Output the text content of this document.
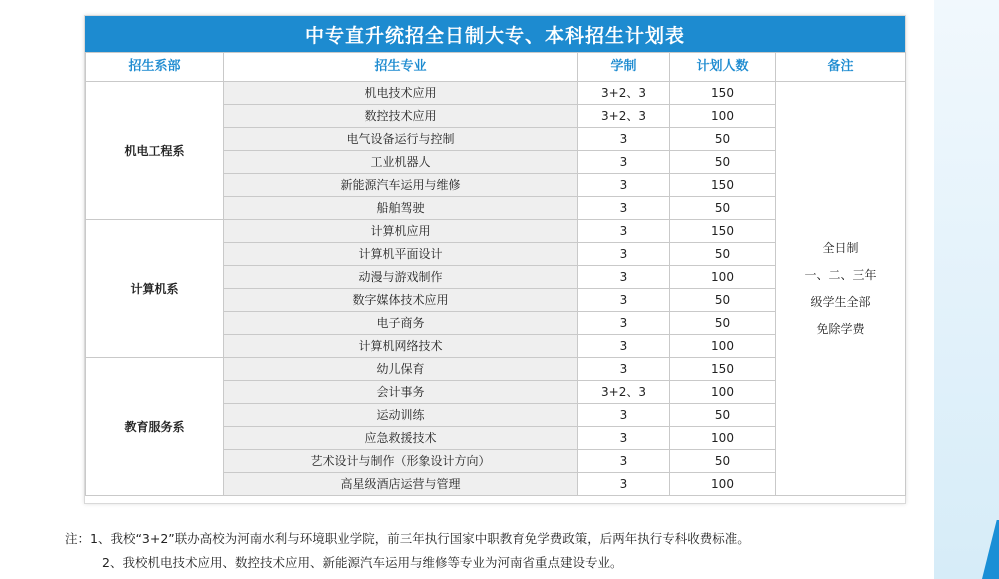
中专直升统招全日制大专、本科招生计划表
招生系部	招生专业	学制	计划人数	备注
机电工程系	机电技术应用	3+2、3	150	全日制
一、二、三年
级学生全部
免除学费

	数控技术应用	3+2、3	100	
	电气设备运行与控制	3	50	
	工业机器人	3	50	
	新能源汽车运用与维修	3	150	
	船舶驾驶	3	50	
计算机系	计算机应用	3	150	
	计算机平面设计	3	50	
	动漫与游戏制作	3	100	
	数字媒体技术应用	3	50	
	电子商务	3	50	
	计算机网络技术	3	100	
教育服务系	幼儿保育	3	150	
	会计事务	3+2、3	100	
	运动训练	3	50	
	应急救援技术	3	100	
	艺术设计与制作（形象设计方向）	3	50	
	高星级酒店运营与管理	3	100	
注：1、我校“3+2”联办高校为河南水利与环境职业学院，前三年执行国家中职教育免学费政策，后两年执行专科收费标准。
2、我校机电技术应用、数控技术应用、新能源汽车运用与维修等专业为河南省重点建设专业。
